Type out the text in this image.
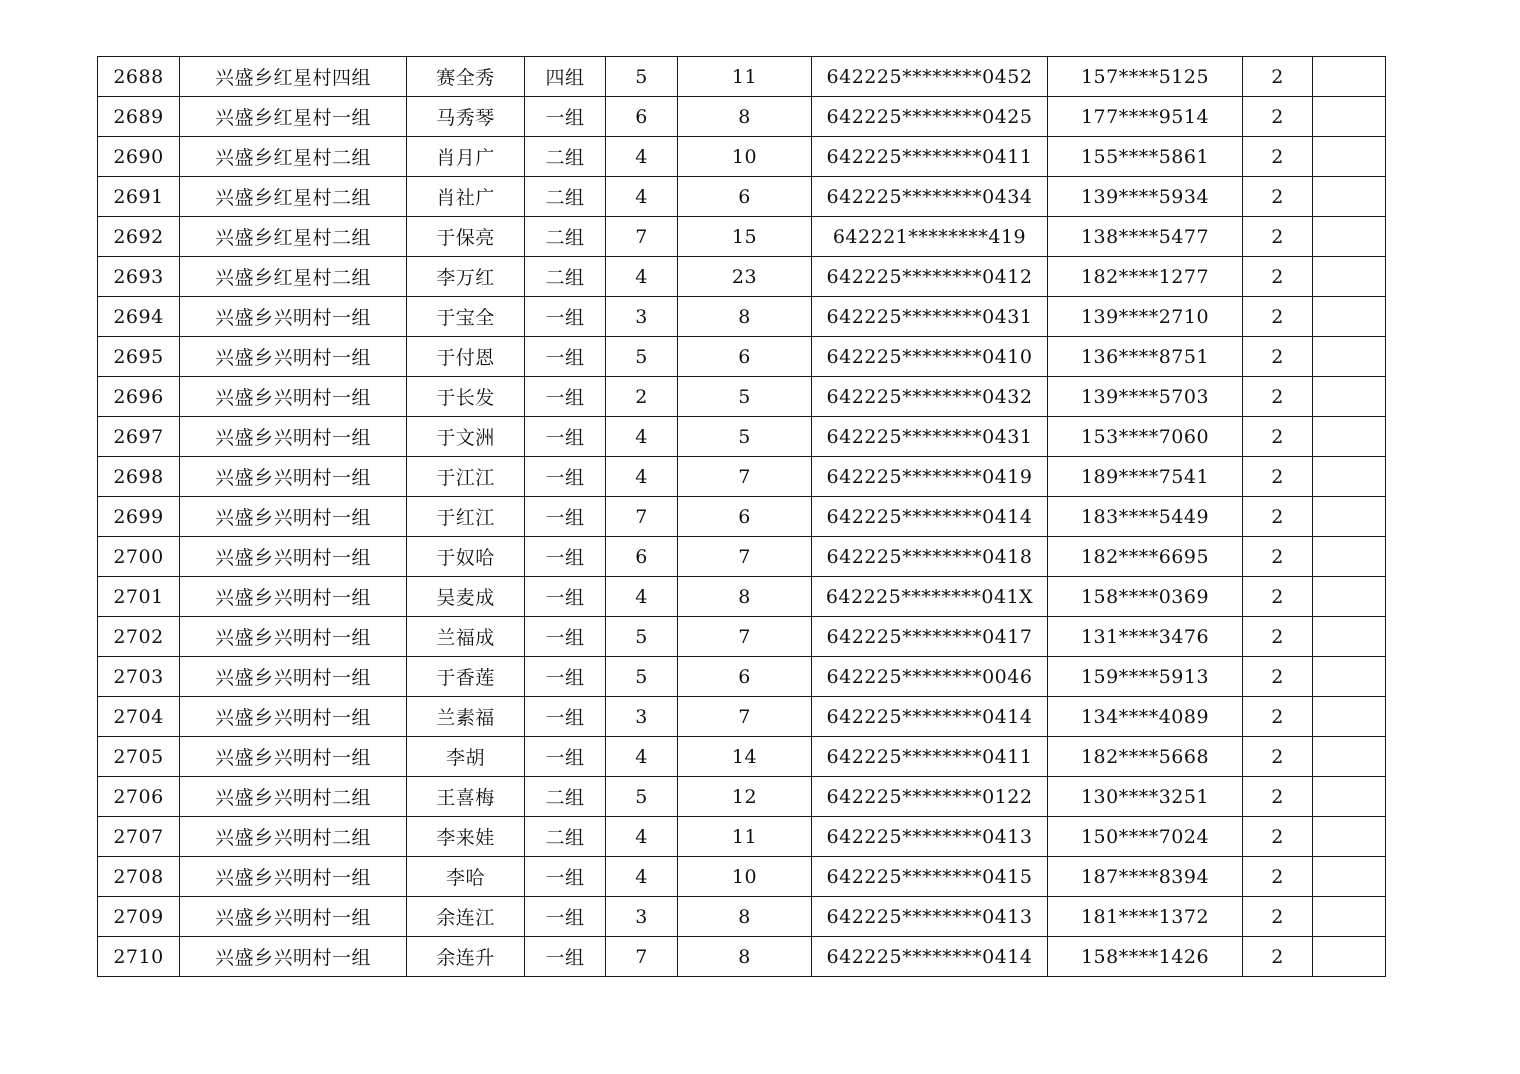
2688	兴盛乡红星村四组	赛全秀	四组	5	11	642225********0452	157****5125	2	
2689	兴盛乡红星村一组	马秀琴	一组	6	8	642225********0425	177****9514	2	
2690	兴盛乡红星村二组	肖月广	二组	4	10	642225********0411	155****5861	2	
2691	兴盛乡红星村二组	肖社广	二组	4	6	642225********0434	139****5934	2	
2692	兴盛乡红星村二组	于保亮	二组	7	15	642221********419	138****5477	2	
2693	兴盛乡红星村二组	李万红	二组	4	23	642225********0412	182****1277	2	
2694	兴盛乡兴明村一组	于宝全	一组	3	8	642225********0431	139****2710	2	
2695	兴盛乡兴明村一组	于付恩	一组	5	6	642225********0410	136****8751	2	
2696	兴盛乡兴明村一组	于长发	一组	2	5	642225********0432	139****5703	2	
2697	兴盛乡兴明村一组	于文洲	一组	4	5	642225********0431	153****7060	2	
2698	兴盛乡兴明村一组	于江江	一组	4	7	642225********0419	189****7541	2	
2699	兴盛乡兴明村一组	于红江	一组	7	6	642225********0414	183****5449	2	
2700	兴盛乡兴明村一组	于奴哈	一组	6	7	642225********0418	182****6695	2	
2701	兴盛乡兴明村一组	吴麦成	一组	4	8	642225********041X	158****0369	2	
2702	兴盛乡兴明村一组	兰福成	一组	5	7	642225********0417	131****3476	2	
2703	兴盛乡兴明村一组	于香莲	一组	5	6	642225********0046	159****5913	2	
2704	兴盛乡兴明村一组	兰素福	一组	3	7	642225********0414	134****4089	2	
2705	兴盛乡兴明村一组	李胡	一组	4	14	642225********0411	182****5668	2	
2706	兴盛乡兴明村二组	王喜梅	二组	5	12	642225********0122	130****3251	2	
2707	兴盛乡兴明村二组	李来娃	二组	4	11	642225********0413	150****7024	2	
2708	兴盛乡兴明村一组	李哈	一组	4	10	642225********0415	187****8394	2	
2709	兴盛乡兴明村一组	余连江	一组	3	8	642225********0413	181****1372	2	
2710	兴盛乡兴明村一组	余连升	一组	7	8	642225********0414	158****1426	2	
